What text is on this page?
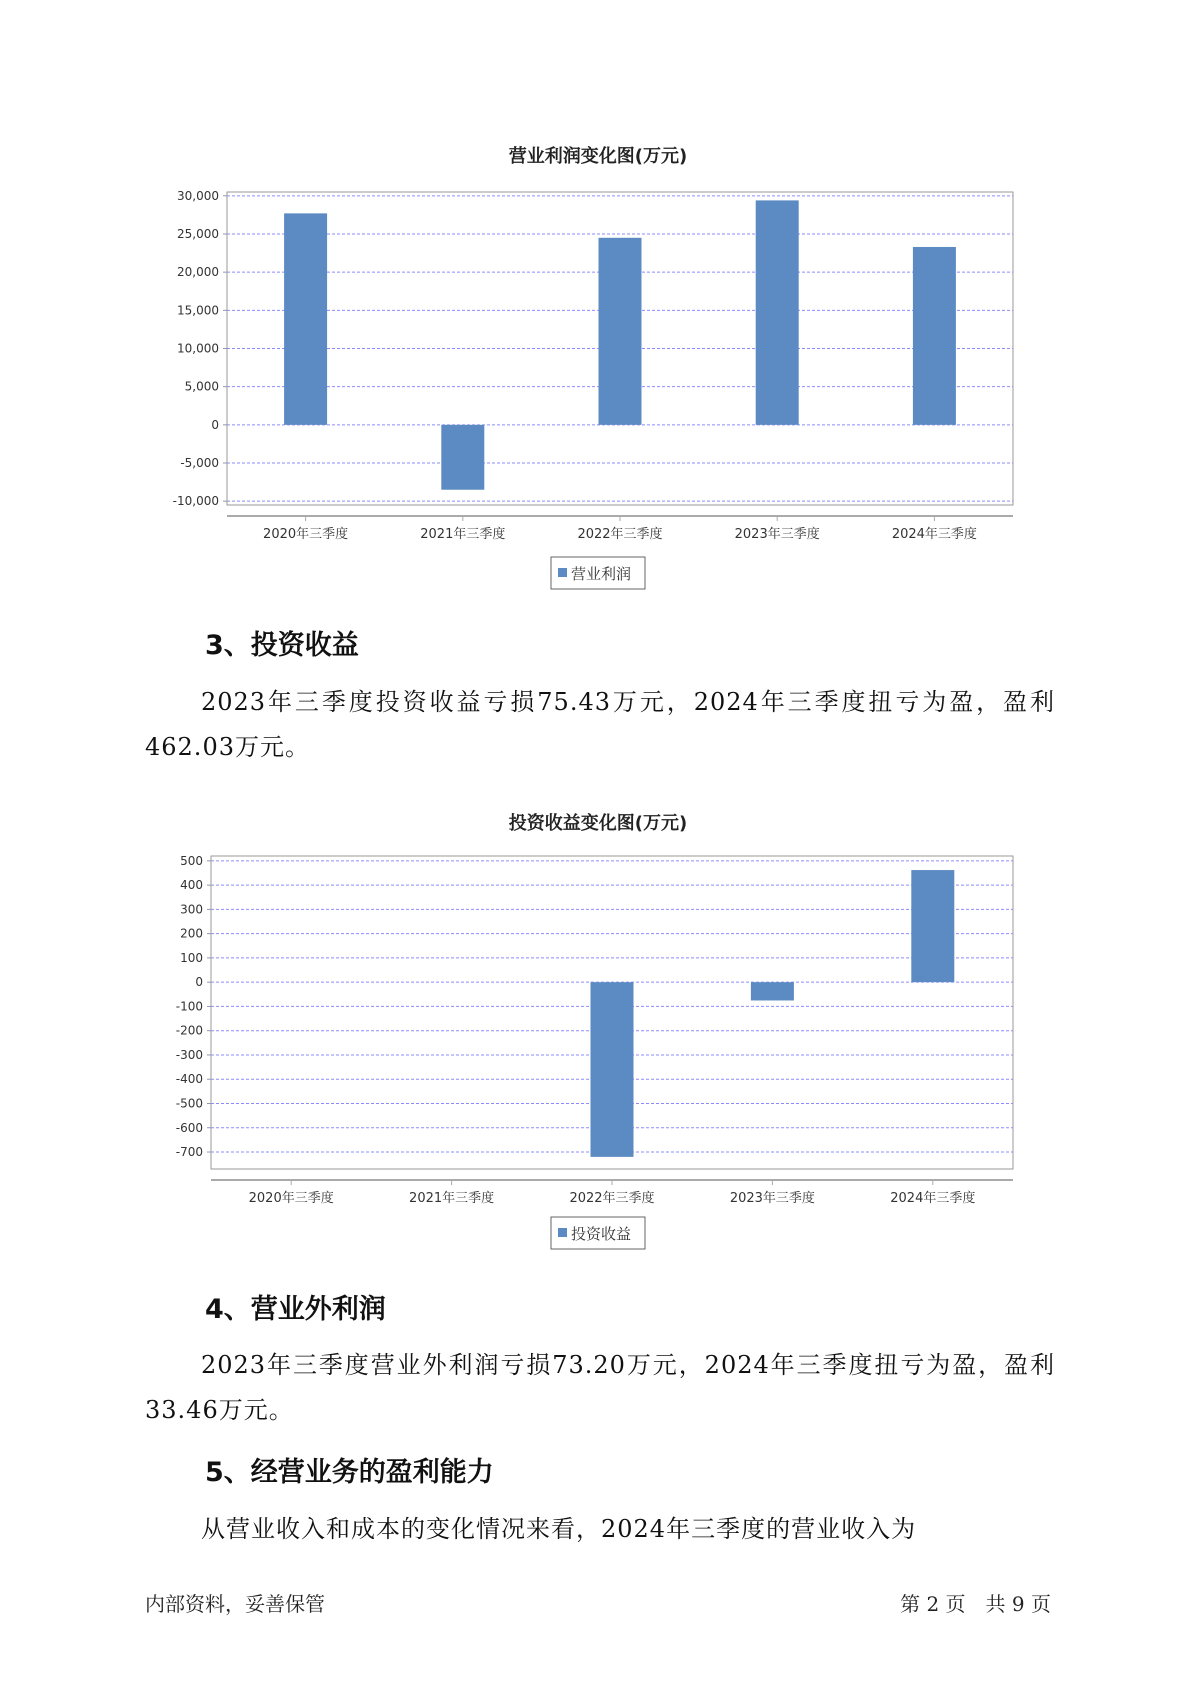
营业利润变化图(万元)
30,000
25,000
20,000
15,000
10,000
5,000
0
-5,000
-10,000
2020年三季度	2021年三季度	2022年三季度	2023年三季度	2024年三季度
营业利润
3、投资收益

2023年三季度投资收益亏损75.43万元，2024年三季度扭亏为盈，盈利462.03万元。

投资收益变化图(万元)
500
400
300
200
100
0
-100
-200
-300
-400
-500
-600
-700
2020年三季度	2021年三季度	2022年三季度	2023年三季度	2024年三季度
投资收益
4、营业外利润

2023年三季度营业外利润亏损73.20万元，2024年三季度扭亏为盈，盈利33.46万元。

5、经营业务的盈利能力

从营业收入和成本的变化情况来看，2024年三季度的营业收入为

内部资料，妥善保管	第 2 页　共 9 页
